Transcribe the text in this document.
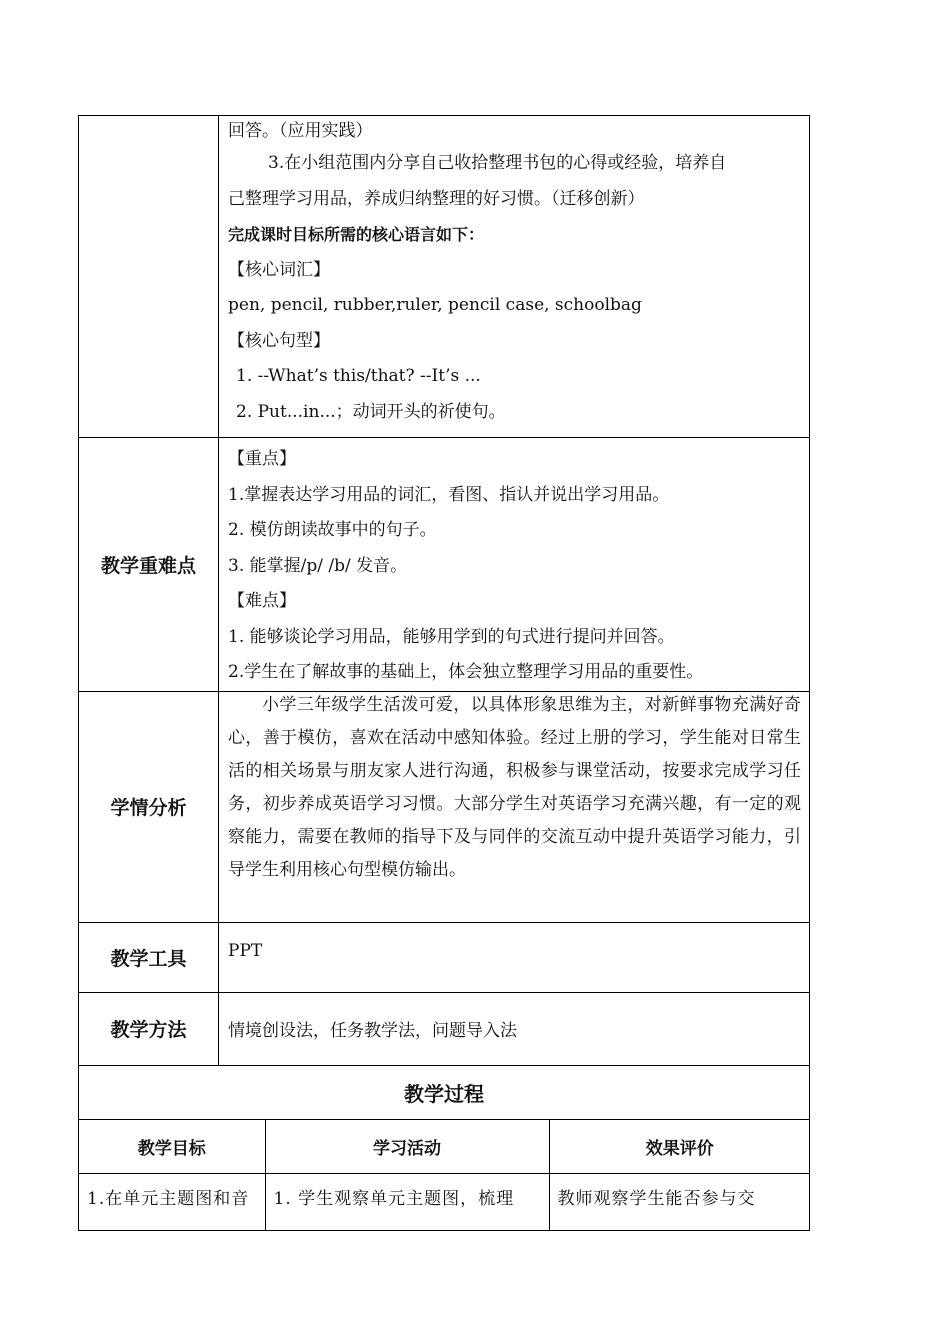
回答。（应用实践）
3.在小组范围内分享自己收拾整理书包的心得或经验，培养自
己整理学习用品，养成归纳整理的好习惯。（迁移创新）
完成课时目标所需的核心语言如下：
【核心词汇】
pen, pencil, rubber,ruler, pencil case, schoolbag
【核心句型】
1. --What’s this/that? --It’s ...
2. Put...in...；动词开头的祈使句。

教学重难点	
【重点】
1.掌握表达学习用品的词汇，看图、指认并说出学习用品。
2. 模仿朗读故事中的句子。
3. 能掌握/p/ /b/ 发音。
【难点】
1. 能够谈论学习用品，能够用学到的句式进行提问并回答。
2.学生在了解故事的基础上，体会独立整理学习用品的重要性。

学情分析	
小学三年级学生活泼可爱，以具体形象思维为主，对新鲜事物充满好奇心，善于模仿，喜欢在活动中感知体验。经过上册的学习，学生能对日常生活的相关场景与朋友家人进行沟通，积极参与课堂活动，按要求完成学习任务，初步养成英语学习习惯。大部分学生对英语学习充满兴趣，有一定的观察能力，需要在教师的指导下及与同伴的交流互动中提升英语学习能力，引导学生利用核心句型模仿输出。

教学工具	PPT

教学方法	情境创设法，任务教学法，问题导入法

教学过程

教学目标	学习活动	效果评价
1.在单元主题图和音	1. 学生观察单元主题图，梳理	教师观察学生能否参与交
